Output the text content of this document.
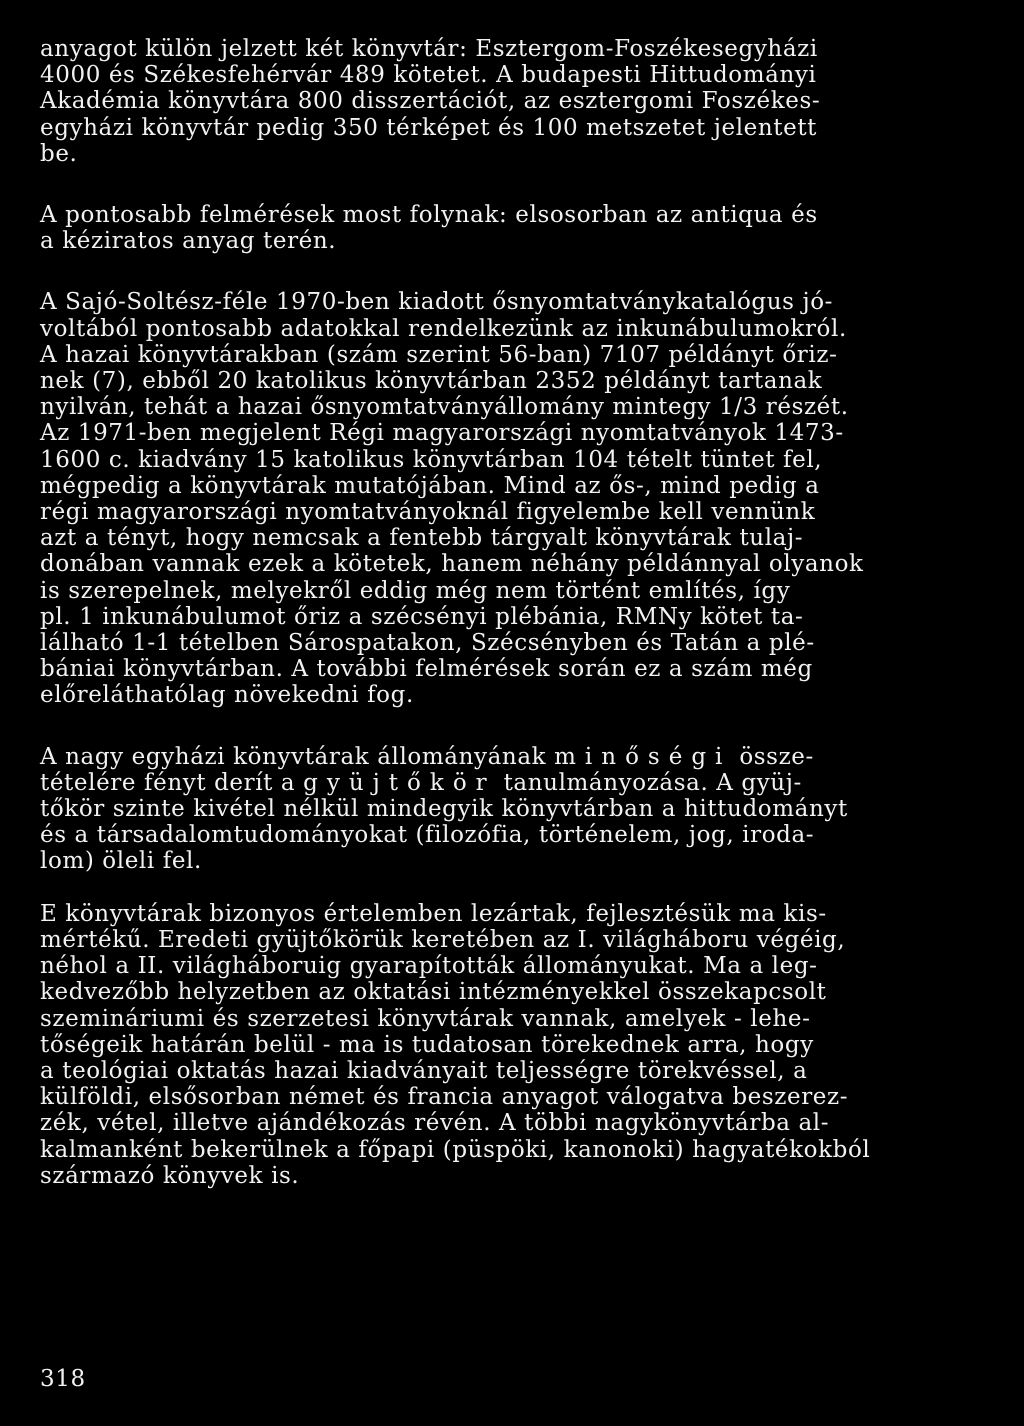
anyagot külön jelzett két könyvtár: Esztergom-Foszékesegyházi
4000 és Székesfehérvár 489 kötetet. A budapesti Hittudományi
Akadémia könyvtára 800 disszertációt, az esztergomi Foszékes-
egyházi könyvtár pedig 350 térképet és 100 metszetet jelentett
be.

A pontosabb felmérések most folynak: elsosorban az antiqua és
a kéziratos anyag terén.

A Sajó-Soltész-féle 1970-ben kiadott ősnyomtatványkatalógus jó-
voltából pontosabb adatokkal rendelkezünk az inkunábulumokról.
A hazai könyvtárakban (szám szerint 56-ban) 7107 példányt őriz-
nek (7), ebből 20 katolikus könyvtárban 2352 példányt tartanak
nyilván, tehát a hazai ősnyomtatványállomány mintegy 1/3 részét.
Az 1971-ben megjelent Régi magyarországi nyomtatványok 1473-
1600 c. kiadvány 15 katolikus könyvtárban 104 tételt tüntet fel,
mégpedig a könyvtárak mutatójában. Mind az ős-, mind pedig a
régi magyarországi nyomtatványoknál figyelembe kell vennünk
azt a tényt, hogy nemcsak a fentebb tárgyalt könyvtárak tulaj-
donában vannak ezek a kötetek, hanem néhány példánnyal olyanok
is szerepelnek, melyekről eddig még nem történt említés, így
pl. 1 inkunábulumot őriz a szécsényi plébánia, RMNy kötet ta-
lálható 1-1 tételben Sárospatakon, Szécsényben és Tatán a plé-
bániai könyvtárban. A további felmérések során ez a szám még
előreláthatólag növekedni fog.

A nagy egyházi könyvtárak állományának minőségi össze-
tételére fényt derít a gyüjtőkör tanulmányozása. A gyüj-
tőkör szinte kivétel nélkül mindegyik könyvtárban a hittudományt
és a társadalomtudományokat (filozófia, történelem, jog, iroda-
lom) öleli fel.

E könyvtárak bizonyos értelemben lezártak, fejlesztésük ma kis-
mértékű. Eredeti gyüjtőkörük keretében az I. világháboru végéig,
néhol a II. világháboruig gyarapították állományukat. Ma a leg-
kedvezőbb helyzetben az oktatási intézményekkel összekapcsolt
szemináriumi és szerzetesi könyvtárak vannak, amelyek - lehe-
tőségeik határán belül - ma is tudatosan törekednek arra, hogy
a teológiai oktatás hazai kiadványait teljességre törekvéssel, a
külföldi, elsősorban német és francia anyagot válogatva beszerez-
zék, vétel, illetve ajándékozás révén. A többi nagykönyvtárba al-
kalmanként bekerülnek a főpapi (püspöki, kanonoki) hagyatékokból
származó könyvek is.

318
